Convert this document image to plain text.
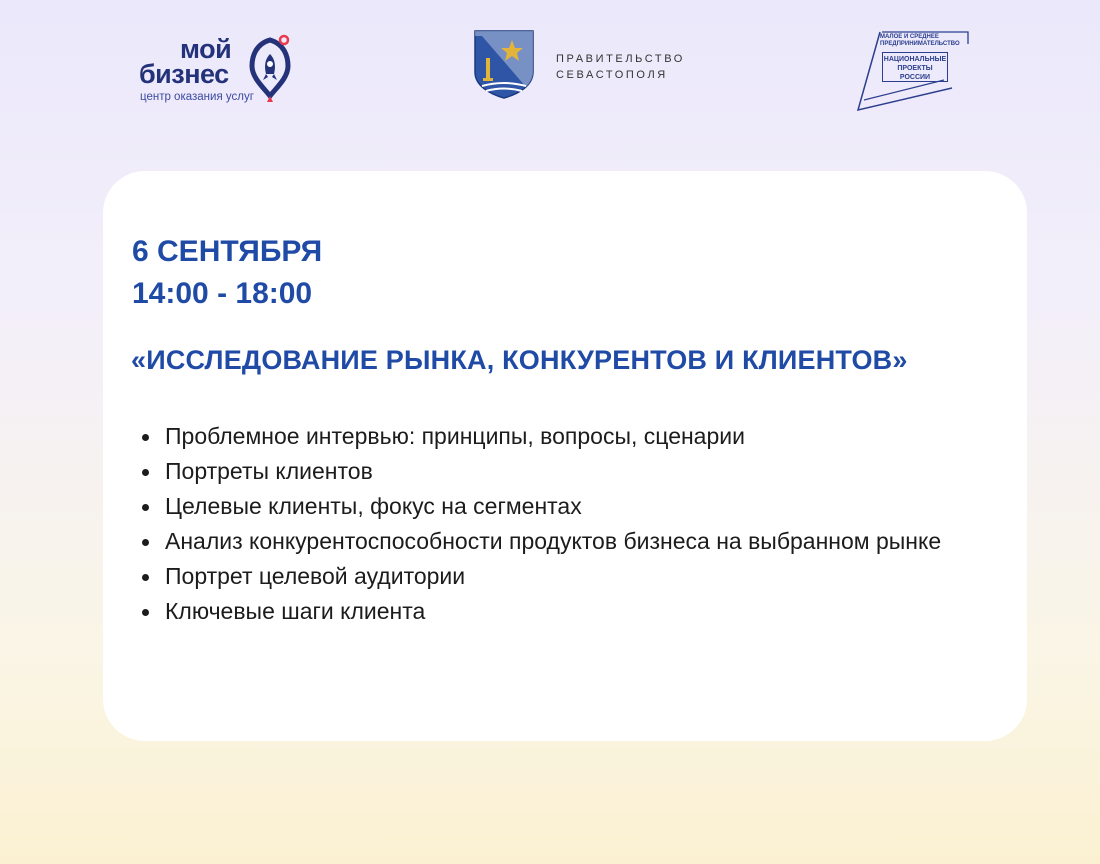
мой
бизнес
центр оказания услуг
ПРАВИТЕЛЬСТВО
СЕВАСТОПОЛЯ
МАЛОЕ И СРЕДНЕЕ
ПРЕДПРИНИМАТЕЛЬСТВО
НАЦИОНАЛЬНЫЕ
ПРОЕКТЫ
РОССИИ
6 СЕНТЯБРЯ
14:00 - 18:00
«ИССЛЕДОВАНИЕ РЫНКА, КОНКУРЕНТОВ И КЛИЕНТОВ»
Проблемное интервью: принципы, вопросы, сценарии
Портреты клиентов
Целевые клиенты, фокус на сегментах
Анализ конкурентоспособности продуктов бизнеса на выбранном рынке
Портрет целевой аудитории
Ключевые шаги клиента
